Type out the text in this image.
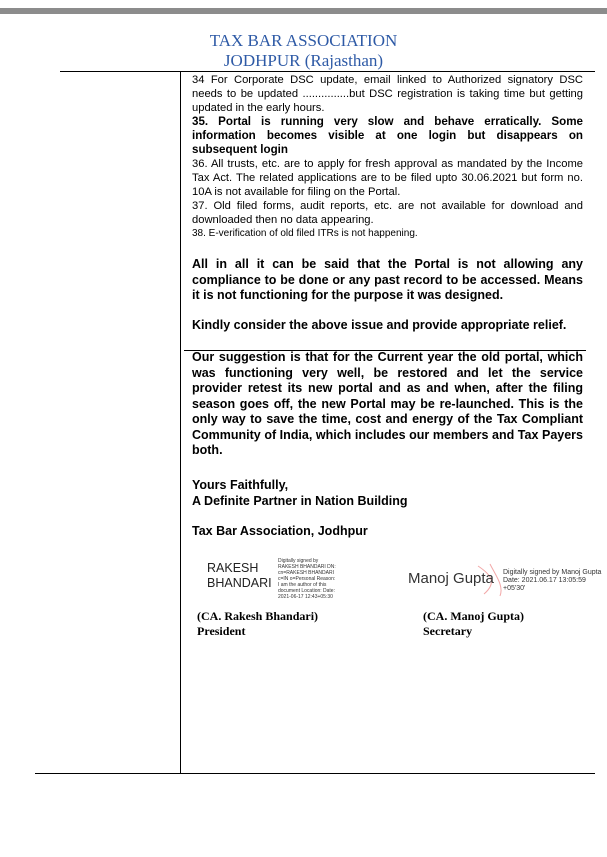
TAX BAR ASSOCIATION
JODHPUR (Rajasthan)

34 For Corporate DSC update, email linked to Authorized signatory DSC needs to be updated ...............but DSC registration is taking time but getting updated in the early hours.

35. Portal is running very slow and behave erratically. Some information becomes visible at one login but disappears on subsequent login

36. All trusts, etc. are to apply for fresh approval as mandated by the Income Tax Act. The related applications are to be filed upto 30.06.2021 but form no. 10A is not available for filing on the Portal.

37. Old filed forms, audit reports, etc. are not available for download and downloaded then no data appearing.

38. E-verification of old filed ITRs is not happening.

All in all it can be said that the Portal is not allowing any compliance to be done or any past record to be accessed. Means it is not functioning for the purpose it was designed.
Kindly consider the above issue and provide appropriate relief.
Our suggestion is that for the Current year the old portal, which was functioning very well, be restored and let the service provider retest its new portal and as and when, after the filing season goes off, the new Portal may be re-launched. This is the only way to save the time, cost and energy of the Tax Compliant Community of India, which includes our members and Tax Payers both.
Yours Faithfully,
A Definite Partner in Nation Building
Tax Bar Association, Jodhpur
RAKESH
BHANDARI
Digitally signed by RAKESH BHANDARI DN: cn=RAKESH BHANDARI c=IN o=Personal Reason: I am the author of this document Location: Date: 2021-06-17 12:43+05:30
Manoj Gupta Digitally signed by Manoj Gupta
Date: 2021.06.17 13:05:59
+05'30'
(CA. Rakesh Bhandari)
President
(CA. Manoj Gupta)
Secretary
